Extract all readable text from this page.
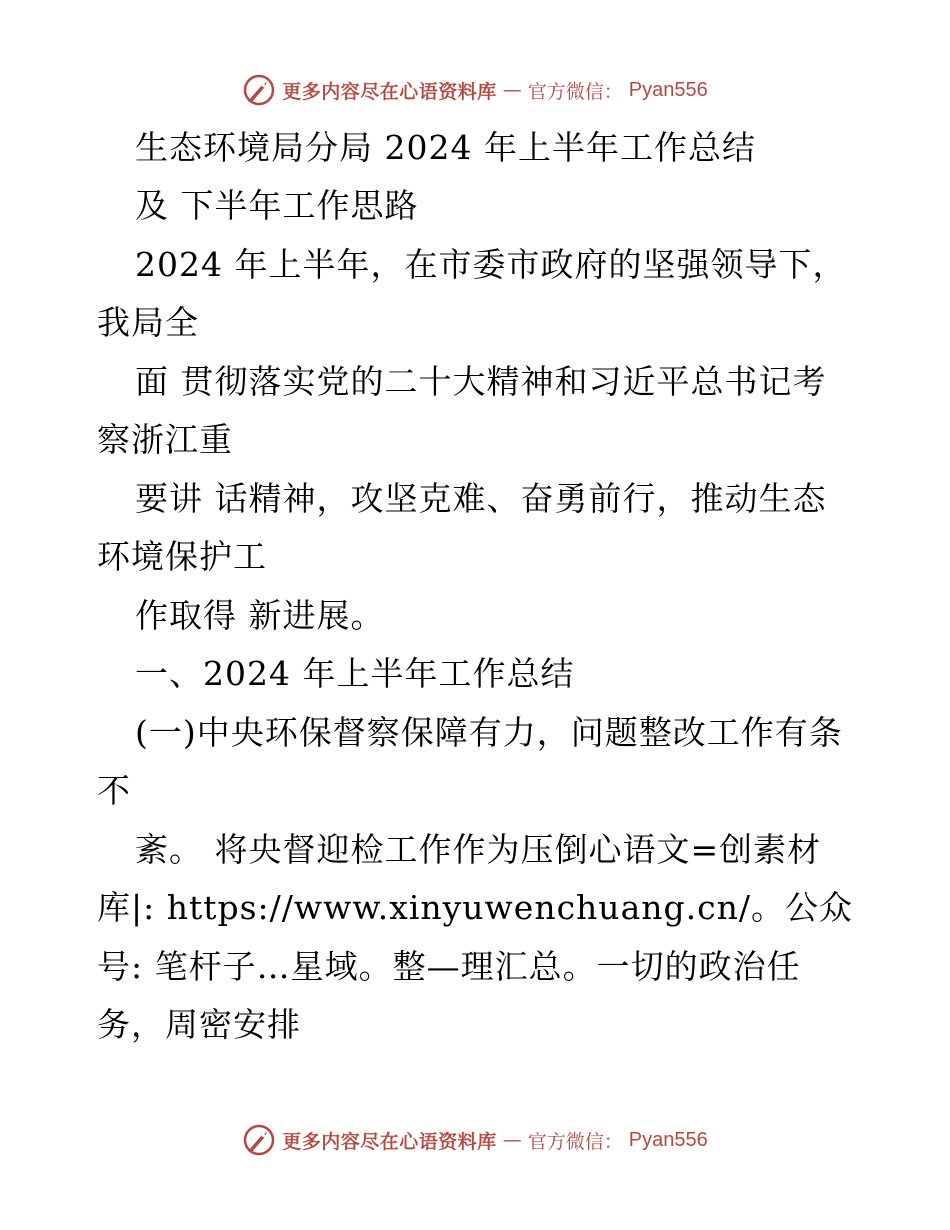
更多内容尽在心语资料库 — 官方微信： Pyan556
生态环境局分局 2024 年上半年工作总结
及 下半年工作思路
2024 年上半年，在市委市政府的坚强领导下，
我局全
面 贯彻落实党的二十大精神和习近平总书记考
察浙江重
要讲 话精神，攻坚克难、奋勇前行，推动生态
环境保护工
作取得 新进展。
一、2024 年上半年工作总结
(一)中央环保督察保障有力，问题整改工作有条
不
紊。 将央督迎检工作作为压倒心语文=创素材
库|: https://www.xinyuwenchuang.cn/。公众
号: 笔杆子…星域。整—理汇总。一切的政治任
务，周密安排
更多内容尽在心语资料库 — 官方微信： Pyan556
